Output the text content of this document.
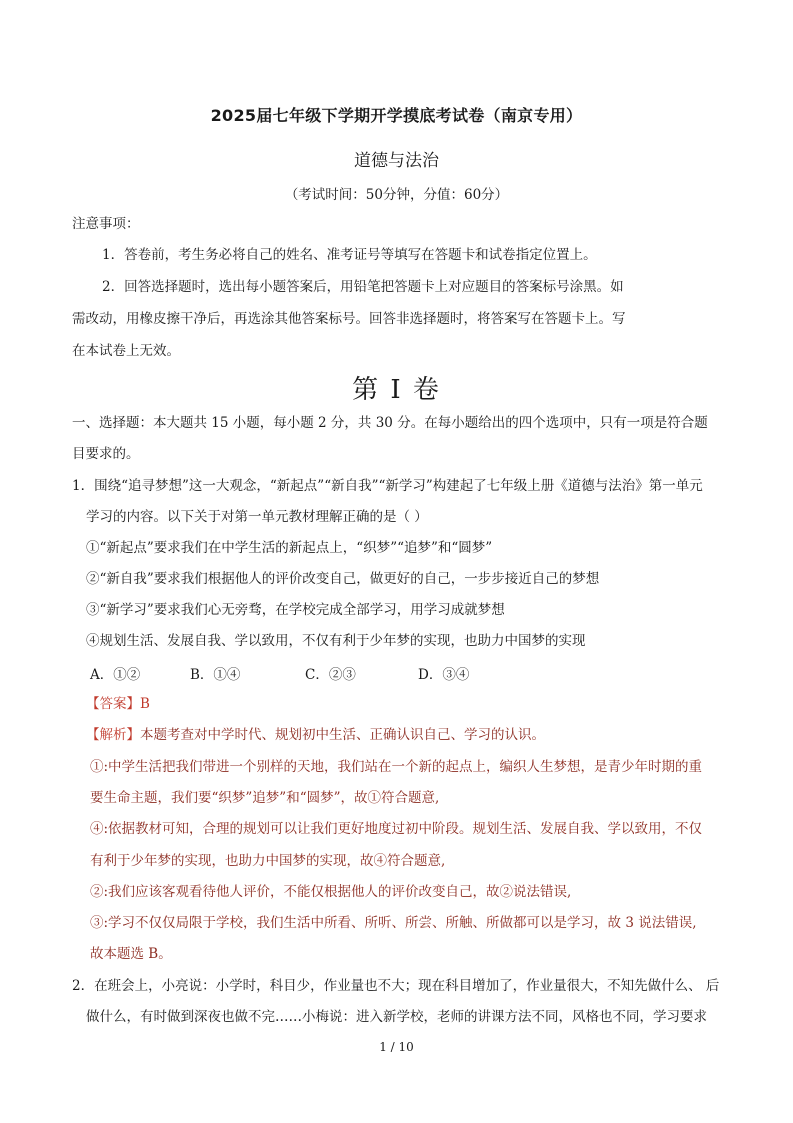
2025届七年级下学期开学摸底考试卷（南京专用）
道德与法治
（考试时间：50分钟，分值：60分）
注意事项：
1．答卷前，考生务必将自己的姓名、准考证号等填写在答题卡和试卷指定位置上。
2．回答选择题时，选出每小题答案后，用铅笔把答题卡上对应题目的答案标号涂黑。如
需改动，用橡皮擦干净后，再选涂其他答案标号。回答非选择题时，将答案写在答题卡上。写
在本试卷上无效。
第 I 卷
一、选择题：本大题共 15 小题，每小题 2 分，共 30 分。在每小题给出的四个选项中，只有一项是符合题
目要求的。
1．围绕“追寻梦想”这一大观念，“新起点”“新自我”“新学习”构建起了七年级上册《道德与法治》第一单元
学习的内容。以下关于对第一单元教材理解正确的是（ ）
①“新起点”要求我们在中学生活的新起点上，“织梦”“追梦”和“圆梦”
②“新自我”要求我们根据他人的评价改变自己，做更好的自己，一步步接近自己的梦想
③“新学习”要求我们心无旁骛，在学校完成全部学习，用学习成就梦想
④规划生活、发展自我、学以致用，不仅有利于少年梦的实现，也助力中国梦的实现
A．①②	B．①④	C．②③	D．③④
【答案】B
【解析】本题考查对中学时代、规划初中生活、正确认识自己、学习的认识。
①:中学生活把我们带进一个别样的天地，我们站在一个新的起点上，编织人生梦想，是青少年时期的重
要生命主题，我们要“织梦”追梦”和“圆梦”，故①符合题意,
④:依据教材可知，合理的规划可以让我们更好地度过初中阶段。规划生活、发展自我、学以致用，不仅
有利于少年梦的实现，也助力中国梦的实现，故④符合题意,
②:我们应该客观看待他人评价，不能仅根据他人的评价改变自己，故②说法错误,
③:学习不仅仅局限于学校，我们生活中所看、所听、所尝、所触、所做都可以是学习，故 3 说法错误,
故本题选 B。
2．在班会上，小亮说：小学时，科目少，作业量也不大；现在科目增加了，作业量很大，不知先做什么、 后
做什么，有时做到深夜也做不完……小梅说：进入新学校，老师的讲课方法不同，风格也不同，学习要求
1 / 10
